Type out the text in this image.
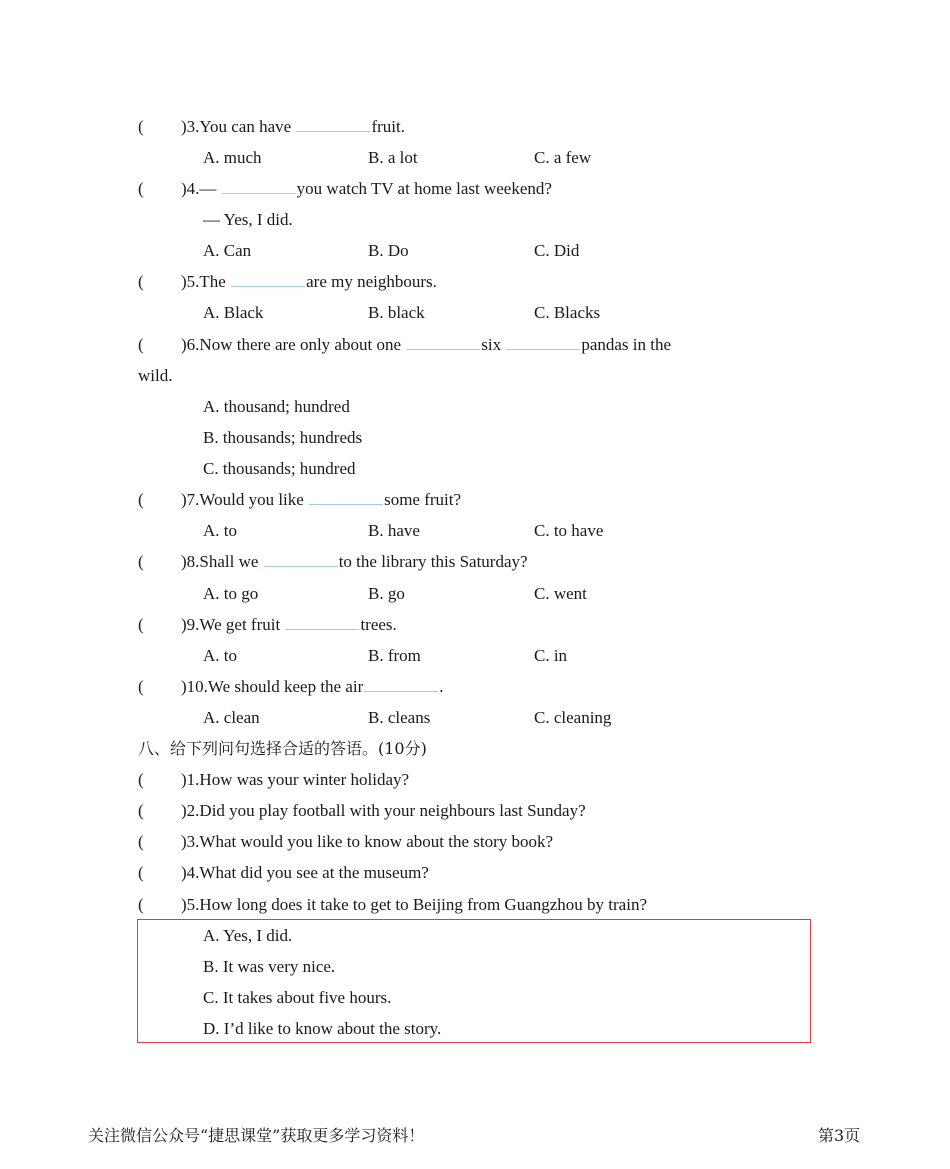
( )3.You can have	fruit.
A. much	B. a lot	C. a few
( )4.—	you watch TV at home last weekend?
— Yes, I did.
A. Can	B. Do	C. Did
( )5.The	are my neighbours.
A. Black	B. black	C. Blacks
( )6.Now there are only about one	six	pandas in the
wild.
A. thousand; hundred
B. thousands; hundreds
C. thousands; hundred
( )7.Would you like	some fruit?
A. to	B. have	C. to have
( )8.Shall we	to the library this Saturday?
A. to go	B. go	C. went
( )9.We get fruit	trees.
A. to	B. from	C. in
( )10.We should keep the air	.
A. clean	B. cleans	C. cleaning
八、给下列问句选择合适的答语。(10分)
( )1.How was your winter holiday?
( )2.Did you play football with your neighbours last Sunday?
( )3.What would you like to know about the story book?
( )4.What did you see at the museum?
( )5.How long does it take to get to Beijing from Guangzhou by train?
A. Yes, I did.
B. It was very nice.
C. It takes about five hours.
D. I’d like to know about the story.
关注微信公众号“捷思课堂”获取更多学习资料！	第3页
